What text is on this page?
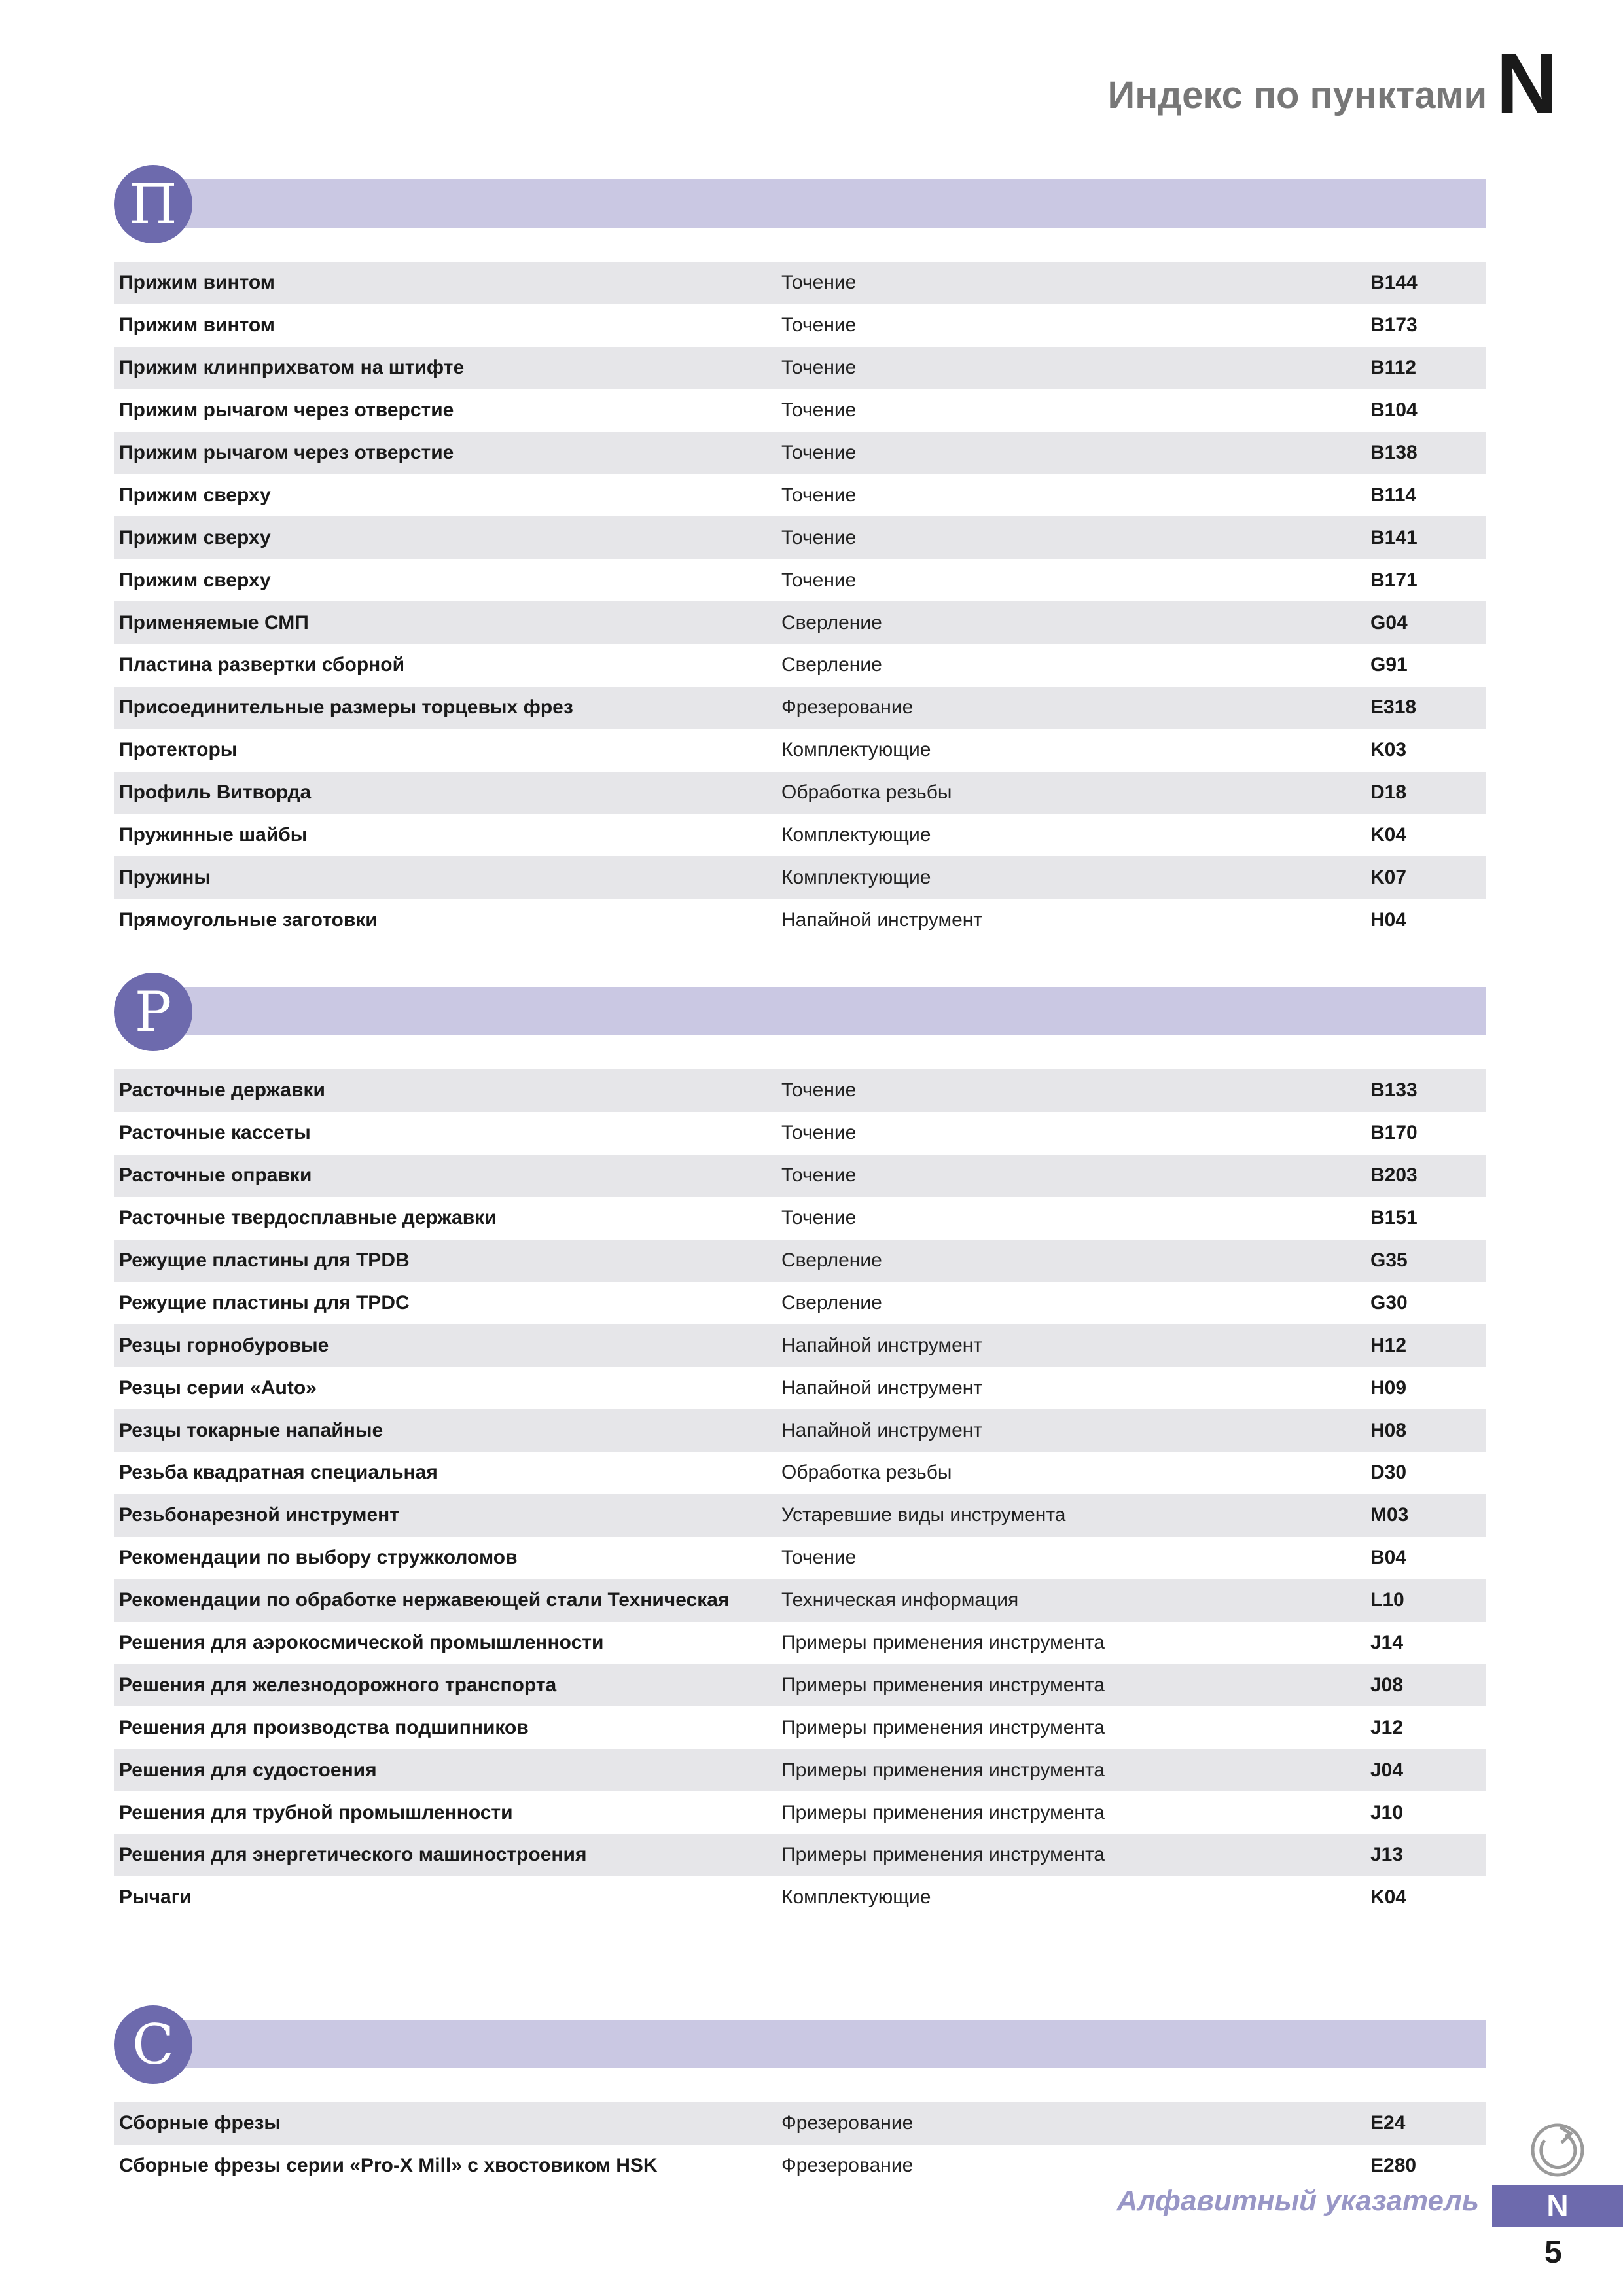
Индекс по пунктами N
П
Прижим винтом	Точение	B144
Прижим винтом	Точение	B173
Прижим клинприхватом на штифте	Точение	B112
Прижим рычагом через отверстие	Точение	B104
Прижим рычагом через отверстие	Точение	B138
Прижим сверху	Точение	B114
Прижим сверху	Точение	B141
Прижим сверху	Точение	B171
Применяемые СМП	Сверление	G04
Пластина развертки сборной	Сверление	G91
Присоединительные размеры торцевых фрез	Фрезерование	E318
Протекторы	Комплектующие	K03
Профиль Витворда	Обработка резьбы	D18
Пружинные шайбы	Комплектующие	K04
Пружины	Комплектующие	K07
Прямоугольные заготовки	Напайной инструмент	H04
Р
Расточные державки	Точение	B133
Расточные кассеты	Точение	B170
Расточные оправки	Точение	B203
Расточные твердосплавные державки	Точение	B151
Режущие пластины для TPDB	Сверление	G35
Режущие пластины для TPDC	Сверление	G30
Резцы горнобуровые	Напайной инструмент	H12
Резцы серии «Auto»	Напайной инструмент	H09
Резцы токарные напайные	Напайной инструмент	H08
Резьба квадратная специальная	Обработка резьбы	D30
Резьбонарезной инструмент	Устаревшие виды инструмента	M03
Рекомендации по выбору стружколомов	Точение	B04
Рекомендации по обработке нержавеющей стали Техническая	Техническая информация	L10
Решения для аэрокосмической промышленности	Примеры применения инструмента	J14
Решения для железнодорожного транспорта	Примеры применения инструмента	J08
Решения для производства подшипников	Примеры применения инструмента	J12
Решения для судостоения	Примеры применения инструмента	J04
Решения для трубной промышленности	Примеры применения инструмента	J10
Решения для энергетического машиностроения	Примеры применения инструмента	J13
Рычаги	Комплектующие	K04
С
Сборные фрезы	Фрезерование	E24
Сборные фрезы серии «Pro-X Mill» с хвостовиком HSK	Фрезерование	E280
Алфавитный указатель	N
5
